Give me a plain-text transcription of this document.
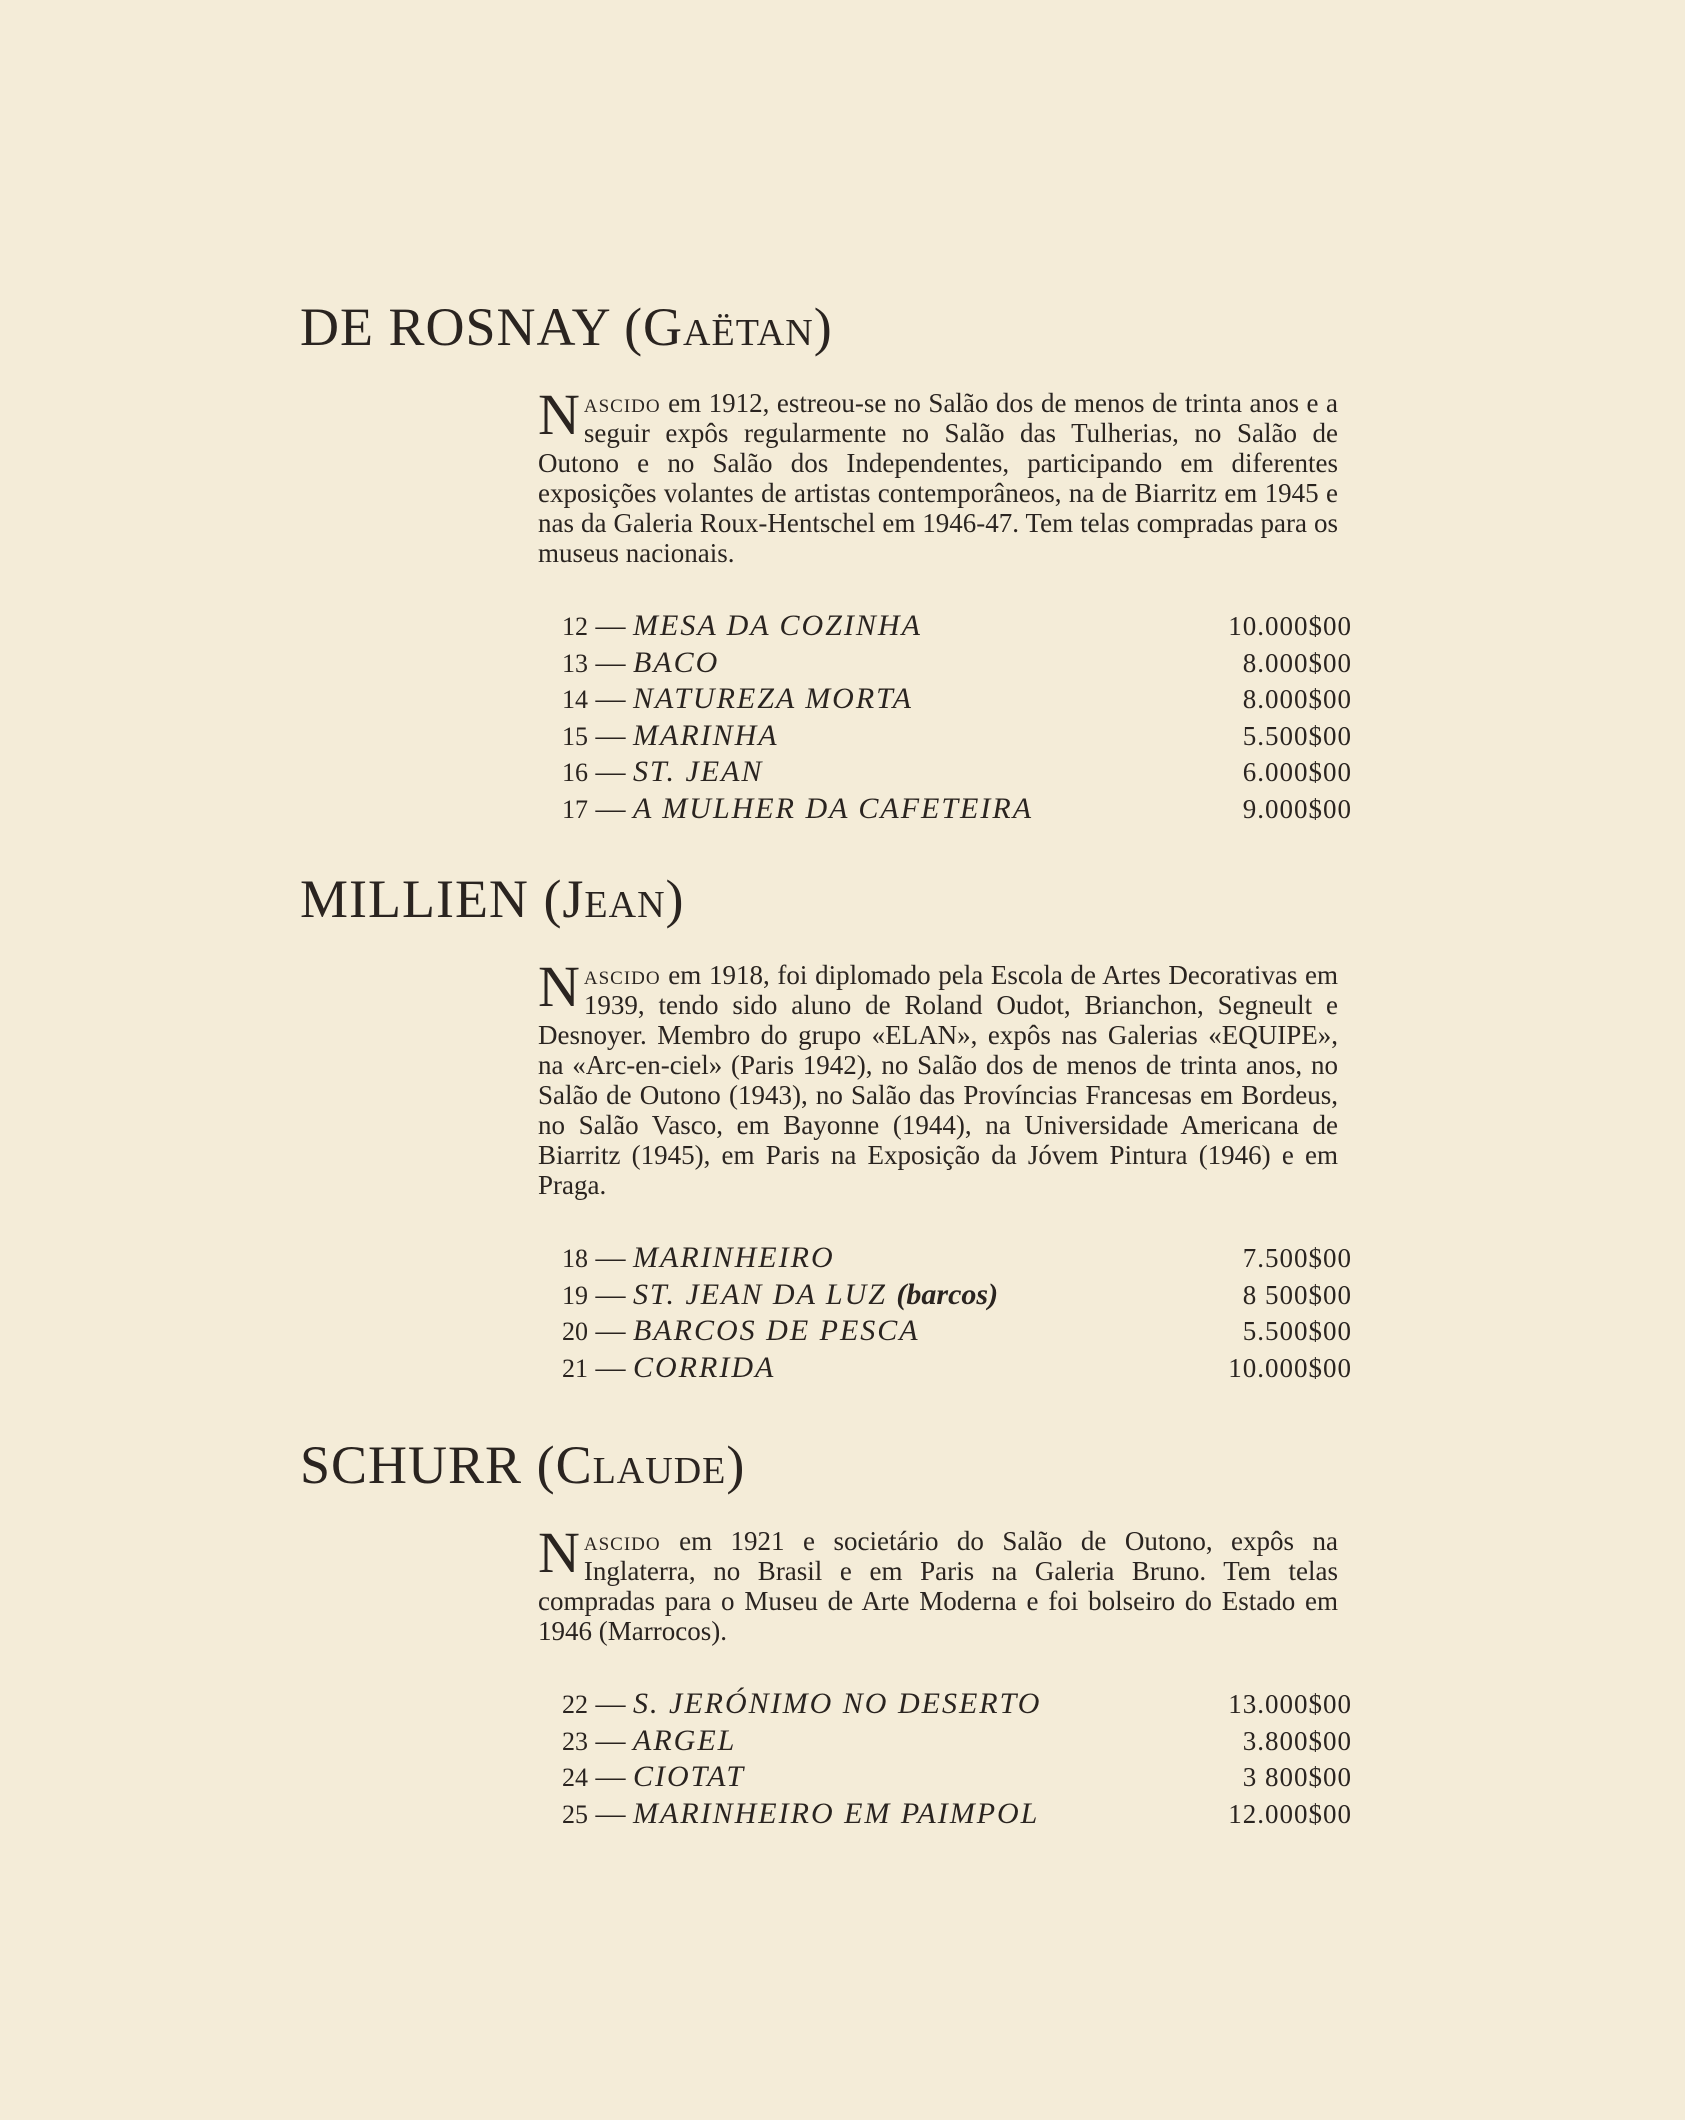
DE ROSNAY (Gaëtan)
Nascido em 1912, estreou-se no Salão dos de menos de trinta anos e a seguir expôs regularmente no Salão das Tulherias, no Salão de Outono e no Salão dos Independentes, participando em diferentes exposições volantes de artistas contemporâneos, na de Biarritz em 1945 e nas da Galeria Roux-Hentschel em 1946-47. Tem telas compradas para os museus nacionais.
12 — MESA DA COZINHA	10.000$00
13 — BACO	8.000$00
14 — NATUREZA MORTA	8.000$00
15 — MARINHA	5.500$00
16 — ST. JEAN	6.000$00
17 — A MULHER DA CAFETEIRA	9.000$00
MILLIEN (Jean)
Nascido em 1918, foi diplomado pela Escola de Artes Decorativas em 1939, tendo sido aluno de Roland Oudot, Brianchon, Segneult e Desnoyer. Membro do grupo «ELAN», expôs nas Galerias «EQUIPE», na «Arc-en-ciel» (Paris 1942), no Salão dos de menos de trinta anos, no Salão de Outono (1943), no Salão das Províncias Francesas em Bordeus, no Salão Vasco, em Bayonne (1944), na Universidade Americana de Biarritz (1945), em Paris na Exposição da Jóvem Pintura (1946) e em Praga.
18 — MARINHEIRO	7.500$00
19 — ST. JEAN DA LUZ (barcos)	8 500$00
20 — BARCOS DE PESCA	5.500$00
21 — CORRIDA	10.000$00
SCHURR (Claude)
Nascido em 1921 e societário do Salão de Outono, expôs na Inglaterra, no Brasil e em Paris na Galeria Bruno. Tem telas compradas para o Museu de Arte Moderna e foi bolseiro do Estado em 1946 (Marrocos).
22 — S. JERÓNIMO NO DESERTO	13.000$00
23 — ARGEL	3.800$00
24 — CIOTAT	3 800$00
25 — MARINHEIRO EM PAIMPOL	12.000$00
